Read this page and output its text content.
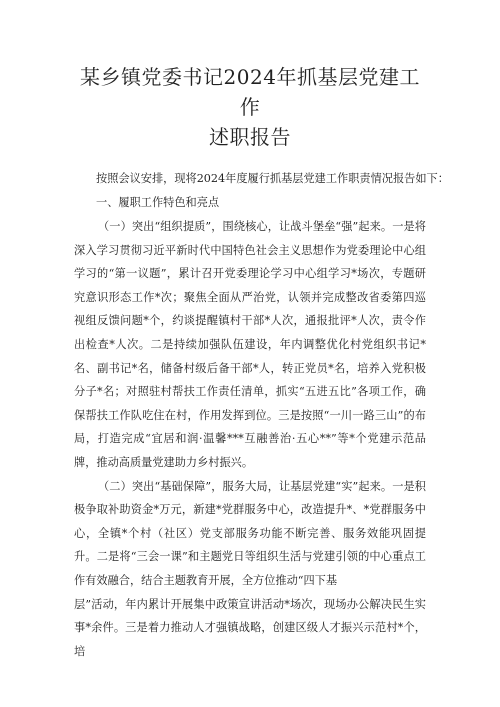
某乡镇党委书记2024年抓基层党建工作
述职报告

按照会议安排，现将2024年度履行抓基层党建工作职责情况报告如下：

一、履职工作特色和亮点

（一）突出“组织提质”，围绕核心，让战斗堡垒“强”起来。一是将深入学习贯彻习近平新时代中国特色社会主义思想作为党委理论中心组学习的“第一议题”，累计召开党委理论学习中心组学习*场次，专题研究意识形态工作*次；聚焦全面从严治党，认领并完成整改省委第四巡视组反馈问题*个，约谈提醒镇村干部*人次，通报批评*人次，责令作出检查*人次。二是持续加强队伍建设，年内调整优化村党组织书记*名、副书记*名，储备村级后备干部*人，转正党员*名，培养入党积极分子*名；对照驻村帮扶工作责任清单，抓实“五进五比”各项工作，确保帮扶工作队吃住在村，作用发挥到位。三是按照“一川一路三山”的布局，打造完成“宜居和润·温馨***互融善治·五心**”等*个党建示范品牌，推动高质量党建助力乡村振兴。

（二）突出“基础保障”，服务大局，让基层党建“实”起来。一是积极争取补助资金*万元，新建*党群服务中心，改造提升*、*党群服务中心，全镇*个村（社区）党支部服务功能不断完善、服务效能巩固提升。二是将“三会一课”和主题党日等组织生活与党建引领的中心重点工作有效融合，结合主题教育开展，全方位推动“四下基

层”活动，年内累计开展集中政策宣讲活动*场次，现场办公解决民生实事*余件。三是着力推动人才强镇战略，创建区级人才振兴示范村*个，培
